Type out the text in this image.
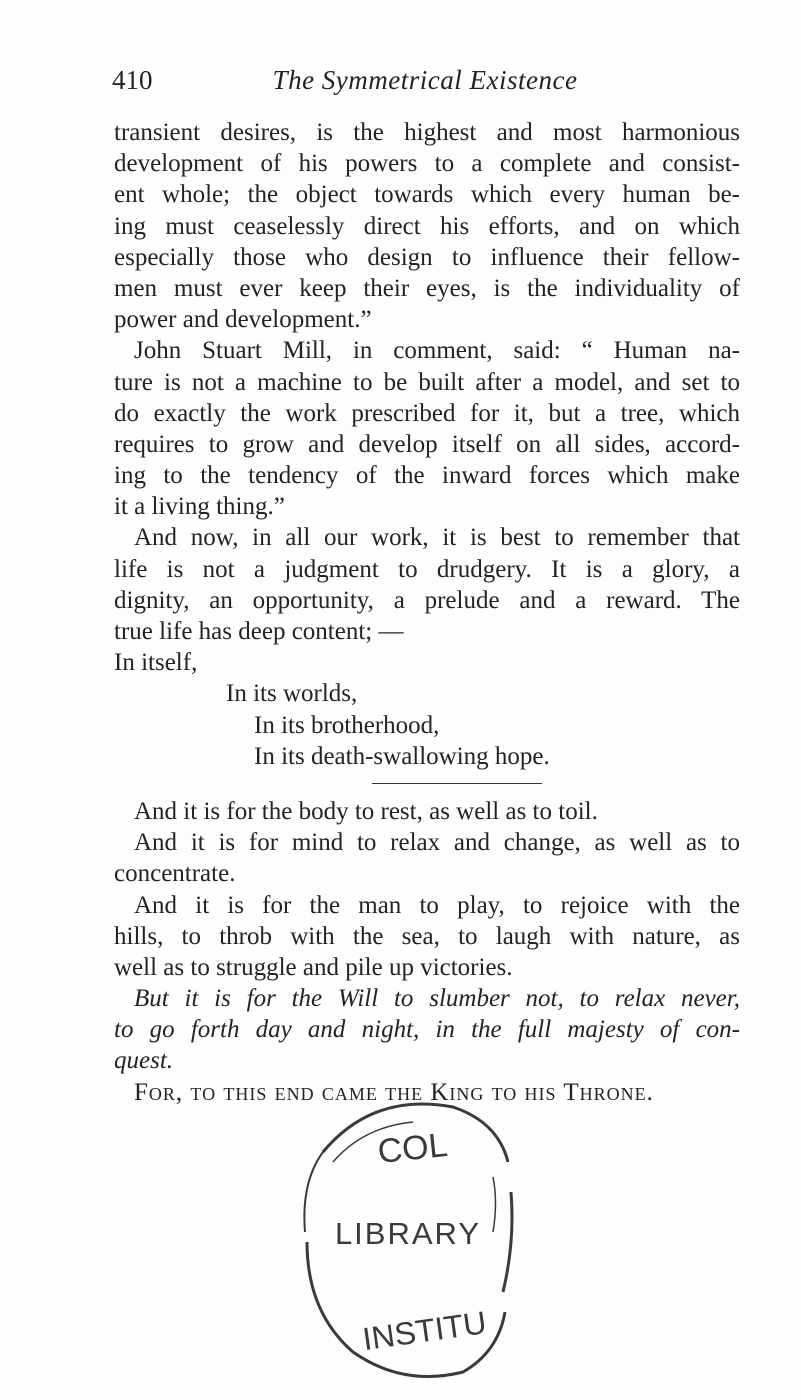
410	The Symmetrical Existence
transient desires, is the highest and most harmonious
development of his powers to a complete and consist-
ent whole; the object towards which every human be-
ing must ceaselessly direct his efforts, and on which
especially those who design to influence their fellow-
men must ever keep their eyes, is the individuality of
power and development.”
John Stuart Mill, in comment, said: “ Human na-
ture is not a machine to be built after a model, and set to
do exactly the work prescribed for it, but a tree, which
requires to grow and develop itself on all sides, accord-
ing to the tendency of the inward forces which make
it a living thing.”
And now, in all our work, it is best to remember that
life is not a judgment to drudgery. It is a glory, a
dignity, an opportunity, a prelude and a reward. The
true life has deep content; —
In itself,
In its worlds,
In its brotherhood,
In its death-swallowing hope.
And it is for the body to rest, as well as to toil.
And it is for mind to relax and change, as well as to
concentrate.
And it is for the man to play, to rejoice with the
hills, to throb with the sea, to laugh with nature, as
well as to struggle and pile up victories.
But it is for the Will to slumber not, to relax never,
to go forth day and night, in the full majesty of con-
quest.
For, to this end came the King to his Throne.
COL
LIBRARY
INSTITU
